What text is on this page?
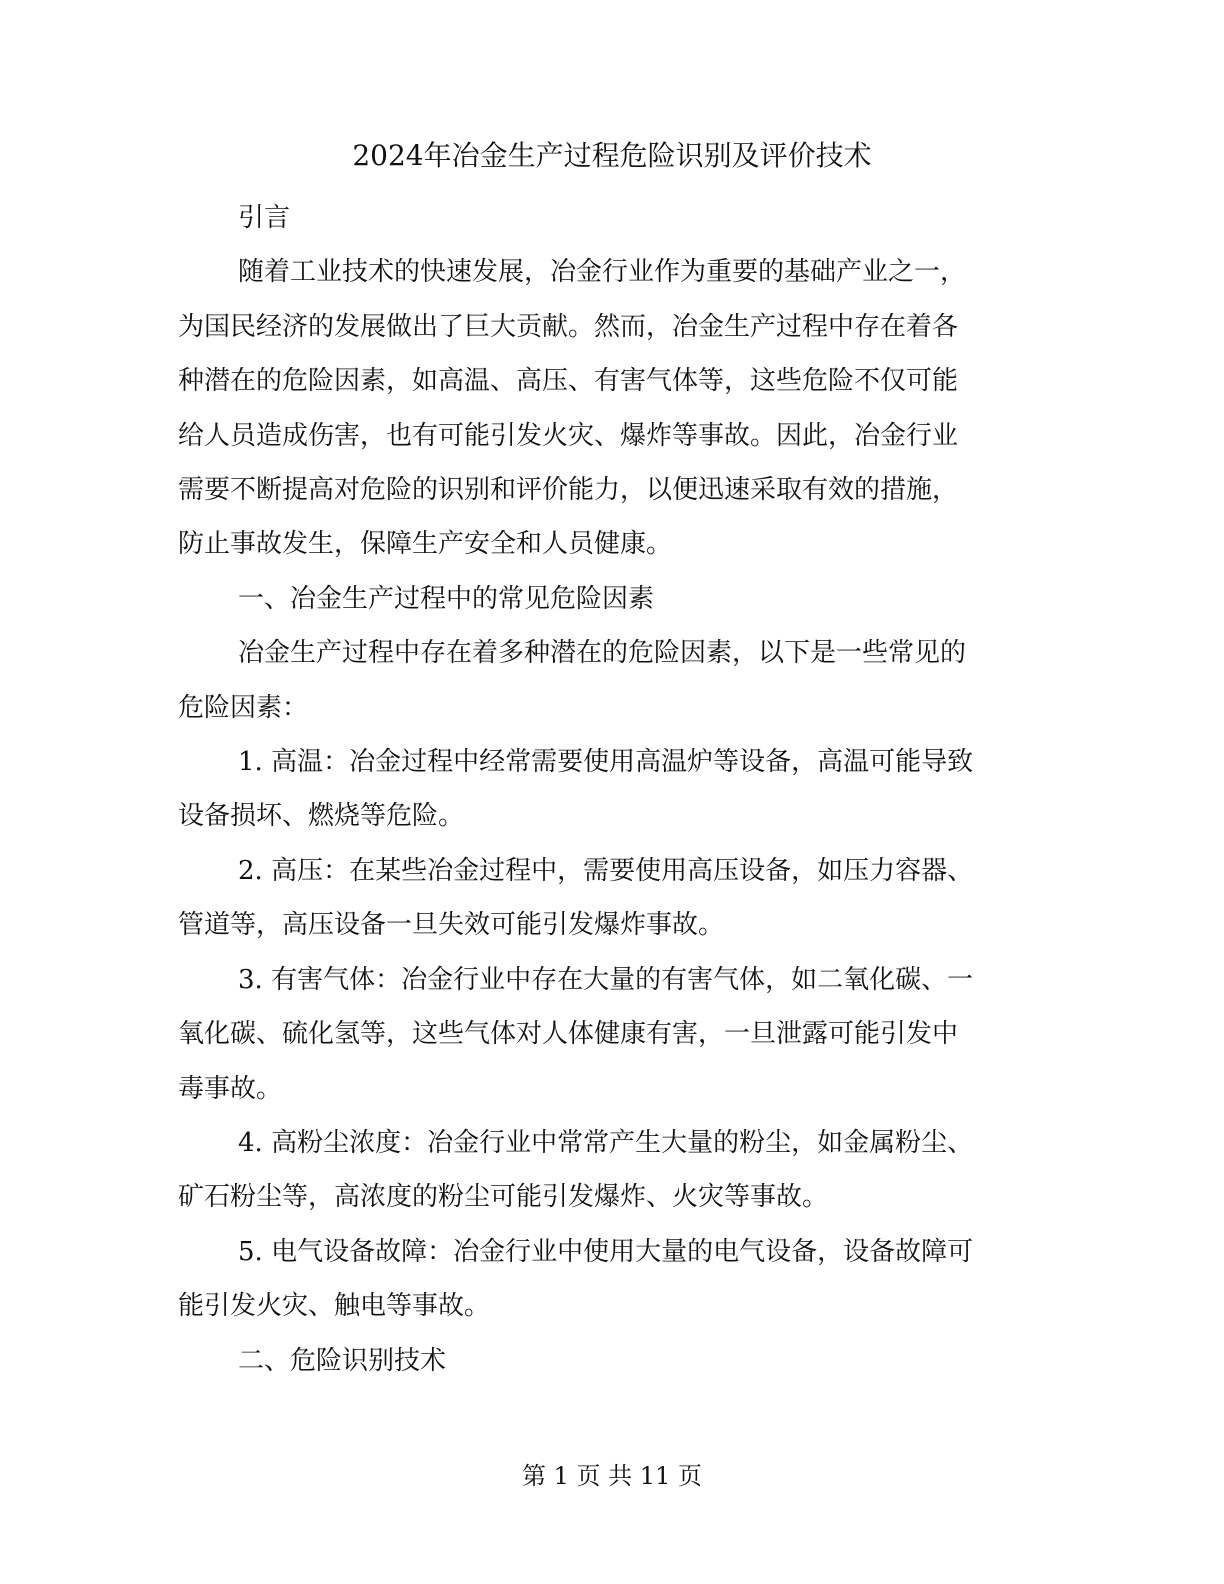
2024年冶金生产过程危险识别及评价技术

引言

随着工业技术的快速发展，冶金行业作为重要的基础产业之一，
为国民经济的发展做出了巨大贡献。然而，冶金生产过程中存在着各
种潜在的危险因素，如高温、高压、有害气体等，这些危险不仅可能
给人员造成伤害，也有可能引发火灾、爆炸等事故。因此，冶金行业
需要不断提高对危险的识别和评价能力，以便迅速采取有效的措施，
防止事故发生，保障生产安全和人员健康。

一、冶金生产过程中的常见危险因素

冶金生产过程中存在着多种潜在的危险因素，以下是一些常见的
危险因素：

1. 高温：冶金过程中经常需要使用高温炉等设备，高温可能导致
设备损坏、燃烧等危险。

2. 高压：在某些冶金过程中，需要使用高压设备，如压力容器、
管道等，高压设备一旦失效可能引发爆炸事故。

3. 有害气体：冶金行业中存在大量的有害气体，如二氧化碳、一
氧化碳、硫化氢等，这些气体对人体健康有害，一旦泄露可能引发中
毒事故。

4. 高粉尘浓度：冶金行业中常常产生大量的粉尘，如金属粉尘、
矿石粉尘等，高浓度的粉尘可能引发爆炸、火灾等事故。

5. 电气设备故障：冶金行业中使用大量的电气设备，设备故障可
能引发火灾、触电等事故。

二、危险识别技术

第 1 页 共 11 页
